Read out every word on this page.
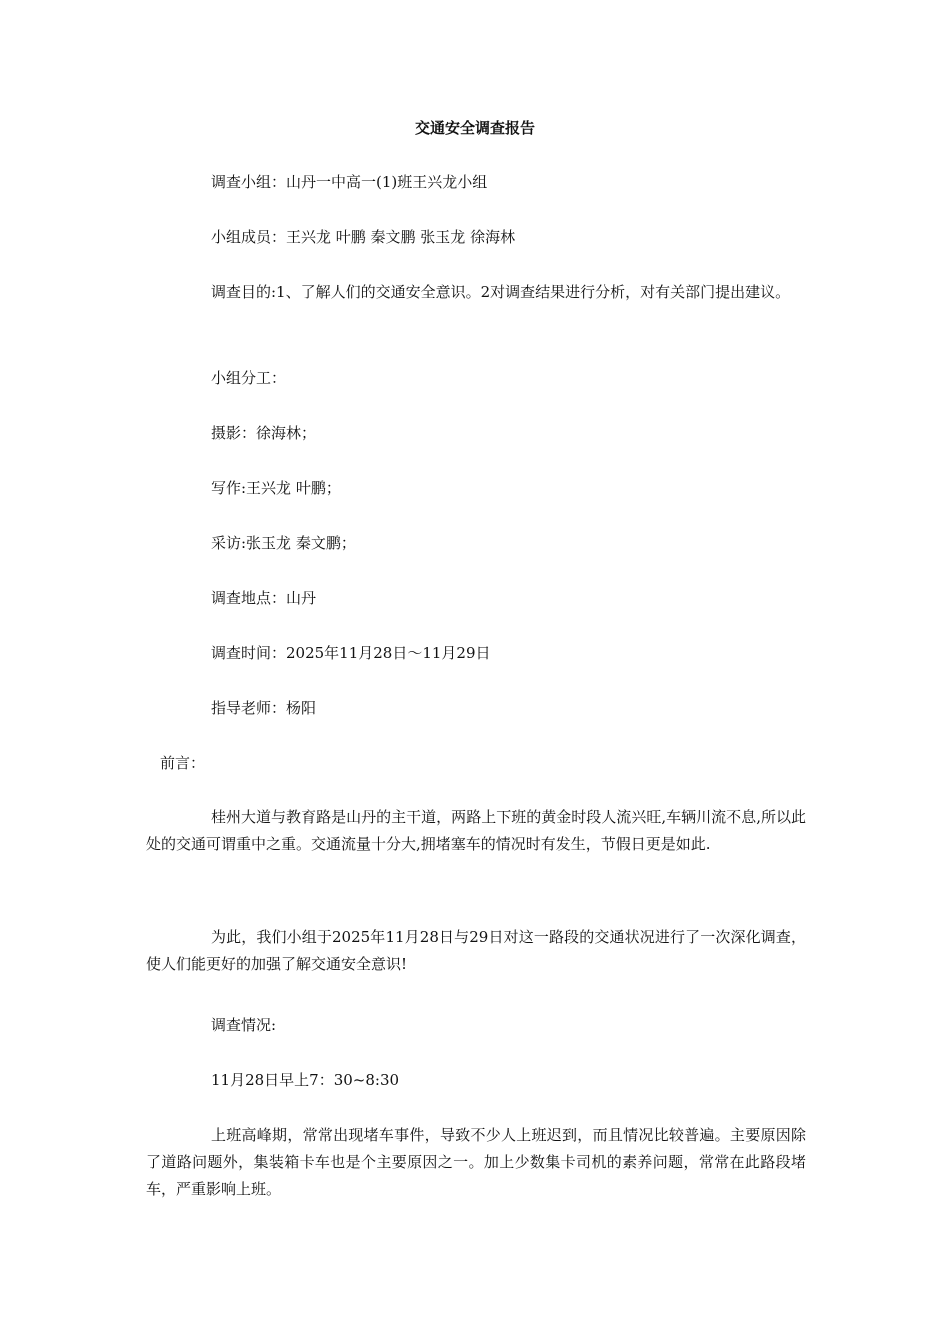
交通安全调查报告
调查小组：山丹一中高一(1)班王兴龙小组
小组成员：王兴龙 叶鹏 秦文鹏 张玉龙 徐海林
调查目的:1、了解人们的交通安全意识。2对调查结果进行分析，对有关部门提出建议。
小组分工：
摄影：徐海林；
写作:王兴龙 叶鹏；
采访:张玉龙 秦文鹏；
调查地点：山丹
调查时间：2025年11月28日～11月29日
指导老师：杨阳
前言：
桂州大道与教育路是山丹的主干道，两路上下班的黄金时段人流兴旺,车辆川流不息,所以此处的交通可谓重中之重。交通流量十分大,拥堵塞车的情况时有发生，节假日更是如此.
为此，我们小组于2025年11月28日与29日对这一路段的交通状况进行了一次深化调查，使人们能更好的加强了解交通安全意识!
调查情况:
11月28日早上7：30~8:30
上班高峰期，常常出现堵车事件，导致不少人上班迟到，而且情况比较普遍。主要原因除了道路问题外，集装箱卡车也是个主要原因之一。加上少数集卡司机的素养问题，常常在此路段堵车，严重影响上班。
